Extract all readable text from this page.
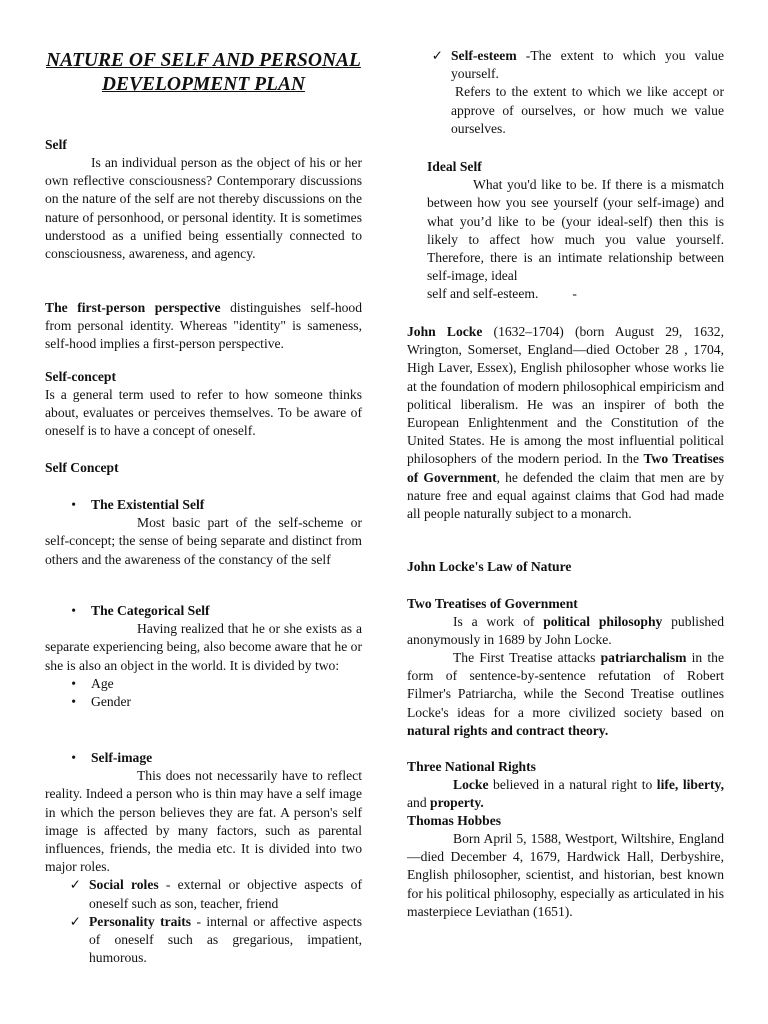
NATURE OF SELF AND PERSONAL DEVELOPMENT PLAN

Self

Is an individual person as the object of his or her own reflective consciousness? Contemporary discussions on the nature of the self are not thereby discussions on the nature of personhood, or personal identity. It is sometimes understood as a unified being essentially connected to consciousness, awareness, and agency.

The first-person perspective distinguishes self-hood from personal identity. Whereas "identity" is sameness, self-hood implies a first-person perspective.

Self-concept

Is a general term used to refer to how someone thinks about, evaluates or perceives themselves. To be aware of oneself is to have a concept of oneself.

Self Concept

•	The Existential Self

Most basic part of the self-scheme or self-concept; the sense of being separate and distinct from others and the awareness of the constancy of the self

•	The Categorical Self

Having realized that he or she exists as a separate experiencing being, also become aware that he or she is also an object in the world. It is divided by two:

•	Age
•	Gender
•	Self-image

This does not necessarily have to reflect reality. Indeed a person who is thin may have a self image in which the person believes they are fat. A person's self image is affected by many factors, such as parental influences, friends, the media etc. It is divided into two major roles.

✓ Social roles - external or objective aspects of oneself such as son, teacher, friend
✓ Personality traits - internal or affective aspects of oneself such as gregarious, impatient, humorous.
✓ Self-esteem -The extent to which you value yourself.

Refers to the extent to which we like accept or approve of ourselves, or how much we value ourselves.

Ideal Self

What you'd like to be. If there is a mismatch between how you see yourself (your self-image) and what you’d like to be (your ideal-self) then this is likely to affect how much you value yourself. Therefore, there is an intimate relationship between self-image, ideal

self and self-esteem.	-

John Locke (1632–1704) (born August 29, 1632, Wrington, Somerset, England—died October 28 , 1704, High Laver, Essex), English philosopher whose works lie at the foundation of modern philosophical empiricism and political liberalism. He was an inspirer of both the European Enlightenment and the Constitution of the United States. He is among the most influential political philosophers of the modern period. In the Two Treatises of Government, he defended the claim that men are by nature free and equal against claims that God had made all people naturally subject to a monarch.

John Locke's Law of Nature

Two Treatises of Government

Is a work of political philosophy published anonymously in 1689 by John Locke.

The First Treatise attacks patriarchalism in the form of sentence-by-sentence refutation of Robert Filmer's Patriarcha, while the Second Treatise outlines Locke's ideas for a more civilized society based on natural rights and contract theory.

Three National Rights

Locke believed in a natural right to life, liberty, and property.

Thomas Hobbes

Born April 5, 1588, Westport, Wiltshire, England—died December 4, 1679, Hardwick Hall, Derbyshire, English philosopher, scientist, and historian, best known for his political philosophy, especially as articulated in his masterpiece Leviathan (1651).
